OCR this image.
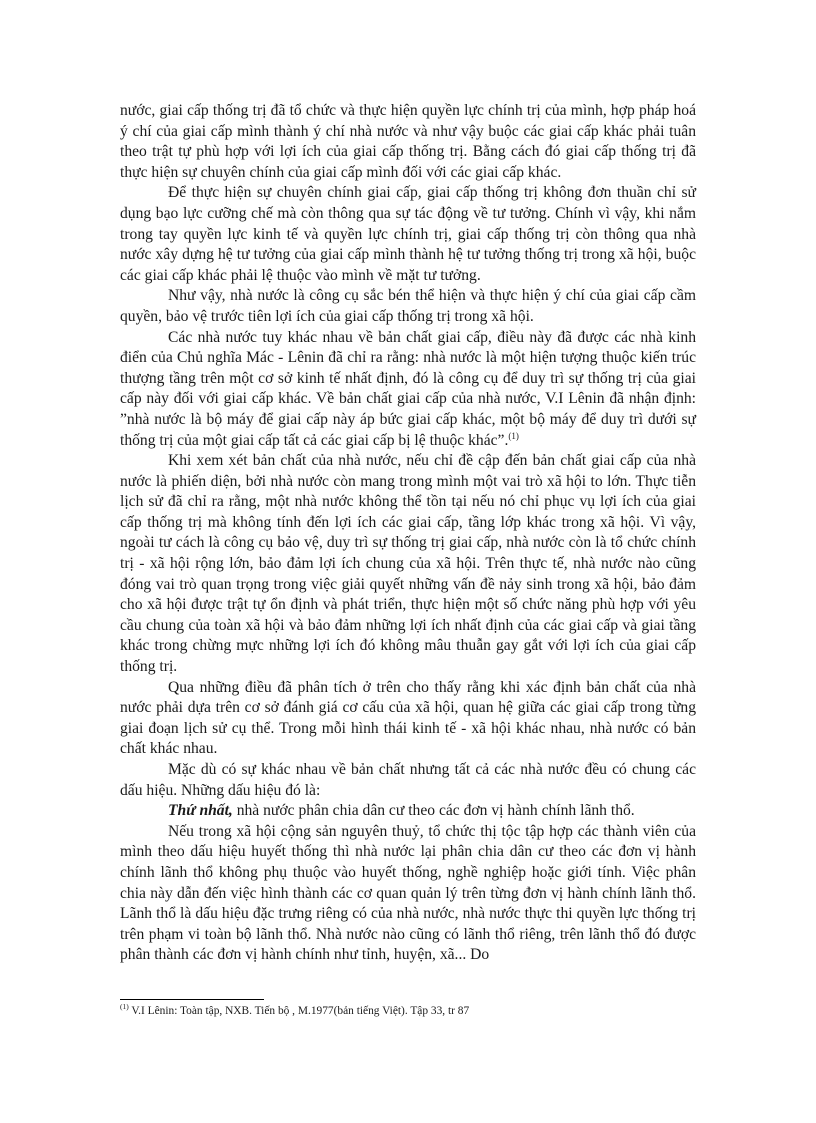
nước, giai cấp thống trị đã tổ chức và thực hiện quyền lực chính trị của mình, hợp pháp hoá ý chí của giai cấp mình thành ý chí nhà nước và như vậy buộc các giai cấp khác phải tuân theo trật tự phù hợp với lợi ích của giai cấp thống trị. Bằng cách đó giai cấp thống trị đã thực hiện sự chuyên chính của giai cấp mình đối với các giai cấp khác.

Để thực hiện sự chuyên chính giai cấp, giai cấp thống trị không đơn thuần chỉ sử dụng bạo lực cưỡng chế mà còn thông qua sự tác động về tư tưởng. Chính vì vậy, khi nắm trong tay quyền lực kinh tế và quyền lực chính trị, giai cấp thống trị còn thông qua nhà nước xây dựng hệ tư tưởng của giai cấp mình thành hệ tư tưởng thống trị trong xã hội, buộc các giai cấp khác phải lệ thuộc vào mình về mặt tư tưởng.

Như vậy, nhà nước là công cụ sắc bén thể hiện và thực hiện ý chí của giai cấp cầm quyền, bảo vệ trước tiên lợi ích của giai cấp thống trị trong xã hội.

Các nhà nước tuy khác nhau về bản chất giai cấp, điều này đã được các nhà kinh điển của Chủ nghĩa Mác - Lênin đã chỉ ra rằng: nhà nước là một hiện tượng thuộc kiến trúc thượng tầng trên một cơ sở kinh tế nhất định, đó là công cụ để duy trì sự thống trị của giai cấp này đối với giai cấp khác. Về bản chất giai cấp của nhà nước, V.I Lênin đã nhận định: ”nhà nước là bộ máy để giai cấp này áp bức giai cấp khác, một bộ máy để duy trì dưới sự thống trị của một giai cấp tất cả các giai cấp bị lệ thuộc khác”.$^{(1)}$

Khi xem xét bản chất của nhà nước, nếu chỉ đề cập đến bản chất giai cấp của nhà nước là phiến diện, bởi nhà nước còn mang trong mình một vai trò xã hội to lớn. Thực tiễn lịch sử đã chỉ ra rằng, một nhà nước không thể tồn tại nếu nó chỉ phục vụ lợi ích của giai cấp thống trị mà không tính đến lợi ích các giai cấp, tầng lớp khác trong xã hội. Vì vậy, ngoài tư cách là công cụ bảo vệ, duy trì sự thống trị giai cấp, nhà nước còn là tổ chức chính trị - xã hội rộng lớn, bảo đảm lợi ích chung của xã hội. Trên thực tế, nhà nước nào cũng đóng vai trò quan trọng trong việc giải quyết những vấn đề nảy sinh trong xã hội, bảo đảm cho xã hội được trật tự ổn định và phát triển, thực hiện một số chức năng phù hợp với yêu cầu chung của toàn xã hội và bảo đảm những lợi ích nhất định của các giai cấp và giai tầng khác trong chừng mực những lợi ích đó không mâu thuẫn gay gắt với lợi ích của giai cấp thống trị.

Qua những điều đã phân tích ở trên cho thấy rằng khi xác định bản chất của nhà nước phải dựa trên cơ sở đánh giá cơ cấu của xã hội, quan hệ giữa các giai cấp trong từng giai đoạn lịch sử cụ thể. Trong mỗi hình thái kinh tế - xã hội khác nhau, nhà nước có bản chất khác nhau.

Mặc dù có sự khác nhau về bản chất nhưng tất cả các nhà nước đều có chung các dấu hiệu. Những dấu hiệu đó là:

Thứ nhất, nhà nước phân chia dân cư theo các đơn vị hành chính lãnh thổ.

Nếu trong xã hội cộng sản nguyên thuỷ, tổ chức thị tộc tập hợp các thành viên của mình theo dấu hiệu huyết thống thì nhà nước lại phân chia dân cư theo các đơn vị hành chính lãnh thổ không phụ thuộc vào huyết thống, nghề nghiệp hoặc giới tính. Việc phân chia này dẫn đến việc hình thành các cơ quan quản lý trên từng đơn vị hành chính lãnh thổ. Lãnh thổ là dấu hiệu đặc trưng riêng có của nhà nước, nhà nước thực thi quyền lực thống trị trên phạm vi toàn bộ lãnh thổ. Nhà nước nào cũng có lãnh thổ riêng, trên lãnh thổ đó được phân thành các đơn vị hành chính như tỉnh, huyện, xã... Do

$^{(1)}$ V.I Lênin: Toàn tập, NXB. Tiến bộ , M.1977(bản tiếng Việt). Tập 33, tr 87
